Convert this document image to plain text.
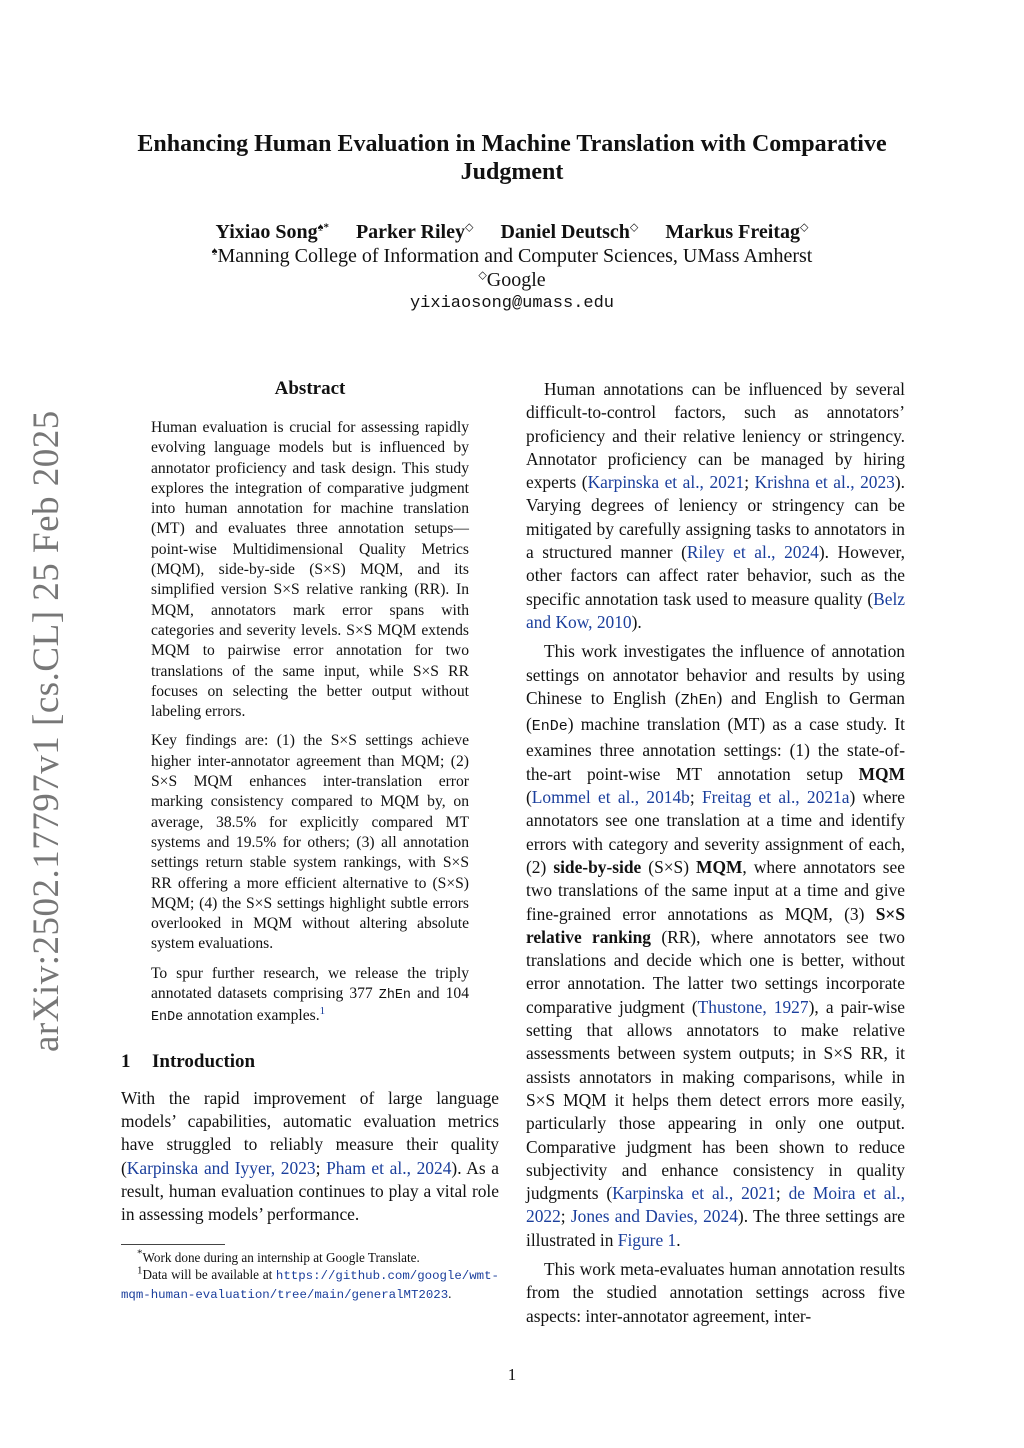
arXiv:2502.17797v1 [cs.CL] 25 Feb 2025
Enhancing Human Evaluation in Machine Translation with Comparative Judgment
Yixiao Song♠* Parker Riley◇ Daniel Deutsch◇ Markus Freitag◇
♠Manning College of Information and Computer Sciences, UMass Amherst
◇Google
yixiaosong@umass.edu
Abstract

Human evaluation is crucial for assessing rapidly evolving language models but is influenced by annotator proficiency and task design. This study explores the integration of comparative judgment into human annotation for machine translation (MT) and evaluates three annotation setups—point-wise Multidimensional Quality Metrics (MQM), side-by-side (S×S) MQM, and its simplified version S×S relative ranking (RR). In MQM, annotators mark error spans with categories and severity levels. S×S MQM extends MQM to pairwise error annotation for two translations of the same input, while S×S RR focuses on selecting the better output without labeling errors.

Key findings are: (1) the S×S settings achieve higher inter-annotator agreement than MQM; (2) S×S MQM enhances inter-translation error marking consistency compared to MQM by, on average, 38.5% for explicitly compared MT systems and 19.5% for others; (3) all annotation settings return stable system rankings, with S×S RR offering a more efficient alternative to (S×S) MQM; (4) the S×S settings highlight subtle errors overlooked in MQM without altering absolute system evaluations.

To spur further research, we release the triply annotated datasets comprising 377 ZhEn and 104 EnDe annotation examples.$^1$

1 Introduction

With the rapid improvement of large language models’ capabilities, automatic evaluation metrics have struggled to reliably measure their quality (Karpinska and Iyyer, 2023; Pham et al., 2024). As a result, human evaluation continues to play a vital role in assessing models’ performance.

*Work done during an internship at Google Translate.

$^1$Data will be available at https://github.com/google/wmt-mqm-human-evaluation/tree/main/generalMT2023.

Human annotations can be influenced by several difficult-to-control factors, such as annotators’ proficiency and their relative leniency or stringency. Annotator proficiency can be managed by hiring experts (Karpinska et al., 2021; Krishna et al., 2023). Varying degrees of leniency or stringency can be mitigated by carefully assigning tasks to annotators in a structured manner (Riley et al., 2024). However, other factors can affect rater behavior, such as the specific annotation task used to measure quality (Belz and Kow, 2010).

This work investigates the influence of annotation settings on annotator behavior and results by using Chinese to English (ZhEn) and English to German (EnDe) machine translation (MT) as a case study. It examines three annotation settings: (1) the state-of-the-art point-wise MT annotation setup MQM (Lommel et al., 2014b; Freitag et al., 2021a) where annotators see one translation at a time and identify errors with category and severity assignment of each, (2) side-by-side (S×S) MQM, where annotators see two translations of the same input at a time and give fine-grained error annotations as MQM, (3) S×S relative ranking (RR), where annotators see two translations and decide which one is better, without error annotation. The latter two settings incorporate comparative judgment (Thustone, 1927), a pair-wise setting that allows annotators to make relative assessments between system outputs; in S×S RR, it assists annotators in making comparisons, while in S×S MQM it helps them detect errors more easily, particularly those appearing in only one output. Comparative judgment has been shown to reduce subjectivity and enhance consistency in quality judgments (Karpinska et al., 2021; de Moira et al., 2022; Jones and Davies, 2024). The three settings are illustrated in Figure 1.

This work meta-evaluates human annotation results from the studied annotation settings across five aspects: inter-annotator agreement, inter-

1
